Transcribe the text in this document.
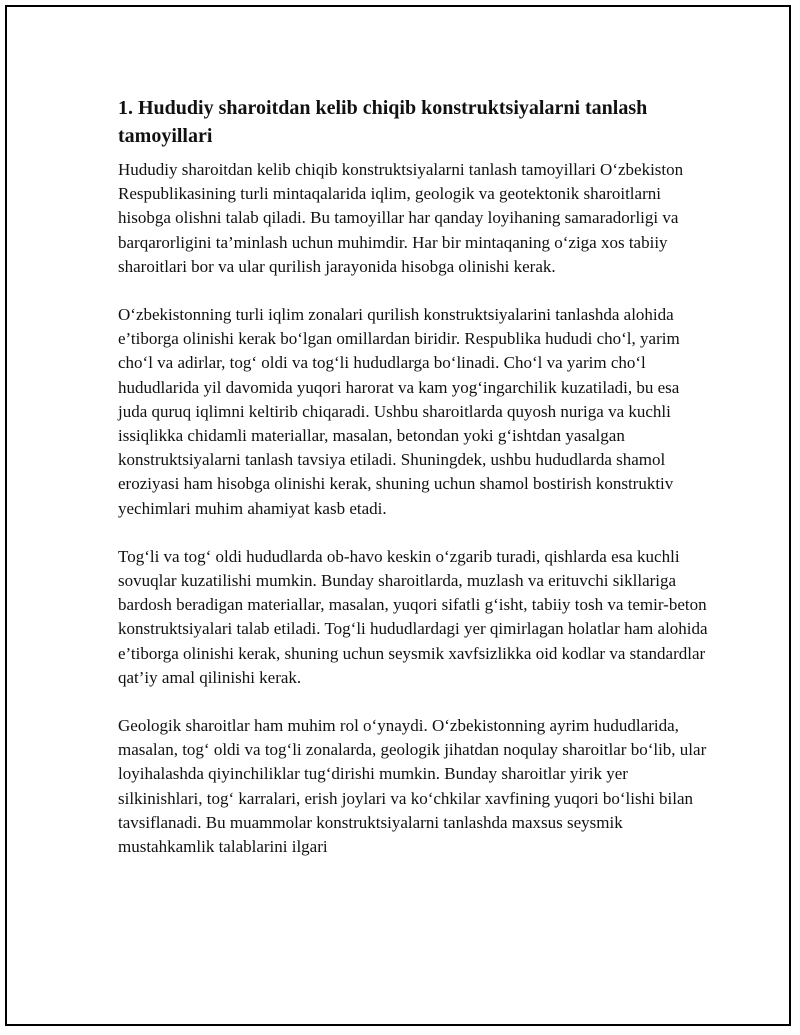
1. Hududiy sharoitdan kelib chiqib konstruktsiyalarni tanlash tamoyillari

Hududiy sharoitdan kelib chiqib konstruktsiyalarni tanlash tamoyillari O‘zbekiston Respublikasining turli mintaqalarida iqlim, geologik va geotektonik sharoitlarni hisobga olishni talab qiladi. Bu tamoyillar har qanday loyihaning samaradorligi va barqarorligini ta’minlash uchun muhimdir. Har bir mintaqaning o‘ziga xos tabiiy sharoitlari bor va ular qurilish jarayonida hisobga olinishi kerak.

O‘zbekistonning turli iqlim zonalari qurilish konstruktsiyalarini tanlashda alohida e’tiborga olinishi kerak bo‘lgan omillardan biridir. Respublika hududi cho‘l, yarim cho‘l va adirlar, tog‘ oldi va tog‘li hududlarga bo‘linadi. Cho‘l va yarim cho‘l hududlarida yil davomida yuqori harorat va kam yog‘ingarchilik kuzatiladi, bu esa juda quruq iqlimni keltirib chiqaradi. Ushbu sharoitlarda quyosh nuriga va kuchli issiqlikka chidamli materiallar, masalan, betondan yoki g‘ishtdan yasalgan konstruktsiyalarni tanlash tavsiya etiladi. Shuningdek, ushbu hududlarda shamol eroziyasi ham hisobga olinishi kerak, shuning uchun shamol bostirish konstruktiv yechimlari muhim ahamiyat kasb etadi.

Tog‘li va tog‘ oldi hududlarda ob-havo keskin o‘zgarib turadi, qishlarda esa kuchli sovuqlar kuzatilishi mumkin. Bunday sharoitlarda, muzlash va erituvchi sikllariga bardosh beradigan materiallar, masalan, yuqori sifatli g‘isht, tabiiy tosh va temir-beton konstruktsiyalari talab etiladi. Tog‘li hududlardagi yer qimirlagan holatlar ham alohida e’tiborga olinishi kerak, shuning uchun seysmik xavfsizlikka oid kodlar va standardlar qat’iy amal qilinishi kerak.

Geologik sharoitlar ham muhim rol o‘ynaydi. O‘zbekistonning ayrim hududlarida, masalan, tog‘ oldi va tog‘li zonalarda, geologik jihatdan noqulay sharoitlar bo‘lib, ular loyihalashda qiyinchiliklar tug‘dirishi mumkin. Bunday sharoitlar yirik yer silkinishlari, tog‘ karralari, erish joylari va ko‘chkilar xavfining yuqori bo‘lishi bilan tavsiflanadi. Bu muammolar konstruktsiyalarni tanlashda maxsus seysmik mustahkamlik talablarini ilgari
